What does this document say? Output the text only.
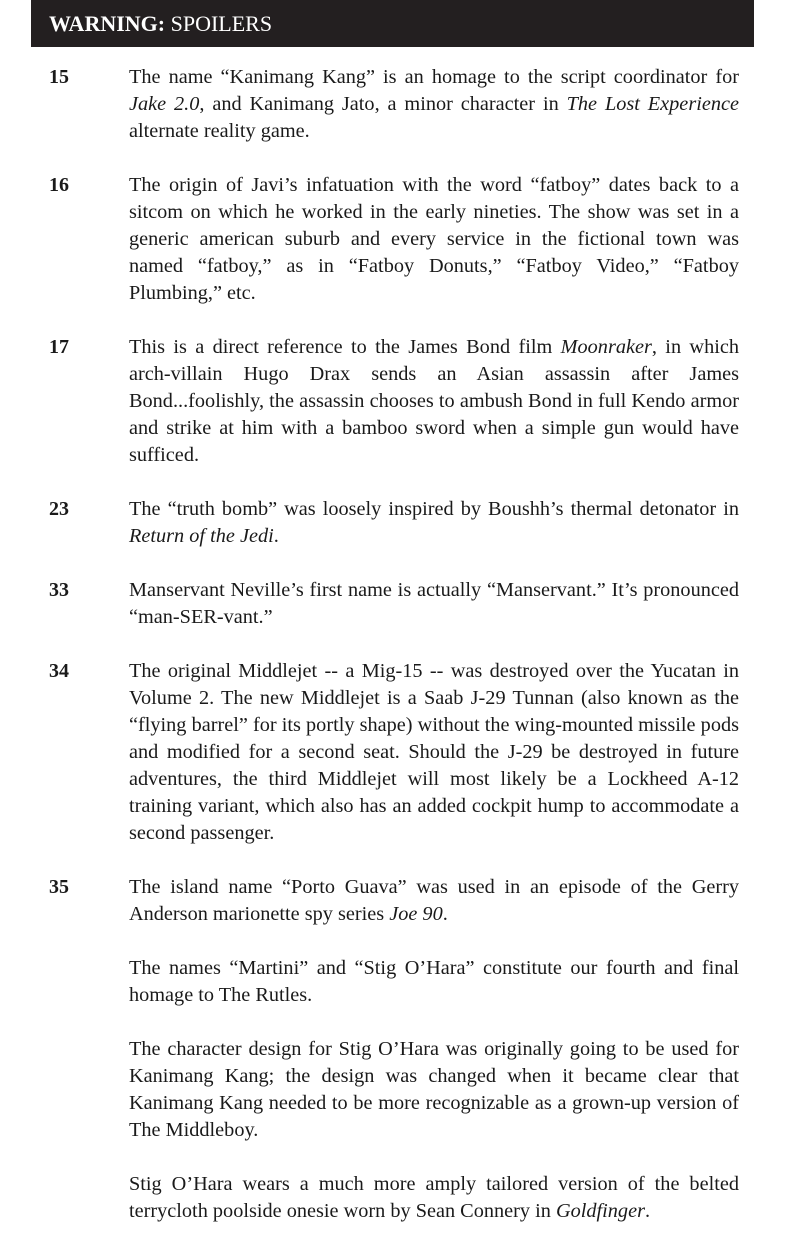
WARNING: SPOILERS
15	The name “Kanimang Kang” is an homage to the script coordinator for Jake 2.0, and Kanimang Jato, a minor character in The Lost Experience alternate reality game.

16	The origin of Javi’s infatuation with the word “fatboy” dates back to a sitcom on which he worked in the early nineties. The show was set in a generic american suburb and every service in the fictional town was named “fatboy,” as in “Fatboy Donuts,” “Fatboy Video,” “Fatboy Plumbing,” etc.

17	This is a direct reference to the James Bond film Moonraker, in which arch-villain Hugo Drax sends an Asian assassin after James Bond...foolishly, the assassin chooses to ambush Bond in full Kendo armor and strike at him with a bamboo sword when a simple gun would have sufficed.

23	The “truth bomb” was loosely inspired by Boushh’s thermal detonator in Return of the Jedi.

33	Manservant Neville’s first name is actually “Manservant.” It’s pronounced “man-SER-vant.”

34	The original Middlejet -- a Mig-15 -- was destroyed over the Yucatan in Volume 2. The new Middlejet is a Saab J-29 Tunnan (also known as the “flying barrel” for its portly shape) without the wing-mounted missile pods and modified for a second seat. Should the J-29 be destroyed in future adventures, the third Middlejet will most likely be a Lockheed A-12 training variant, which also has an added cockpit hump to accommodate a second passenger.

35	The island name “Porto Guava” was used in an episode of the Gerry Anderson marionette spy series Joe 90.

The names “Martini” and “Stig O’Hara” constitute our fourth and final homage to The Rutles.

The character design for Stig O’Hara was originally going to be used for Kanimang Kang; the design was changed when it became clear that Kanimang Kang needed to be more recognizable as a grown-up version of The Middleboy.

Stig O’Hara wears a much more amply tailored version of the belted terrycloth poolside onesie worn by Sean Connery in Goldfinger.
